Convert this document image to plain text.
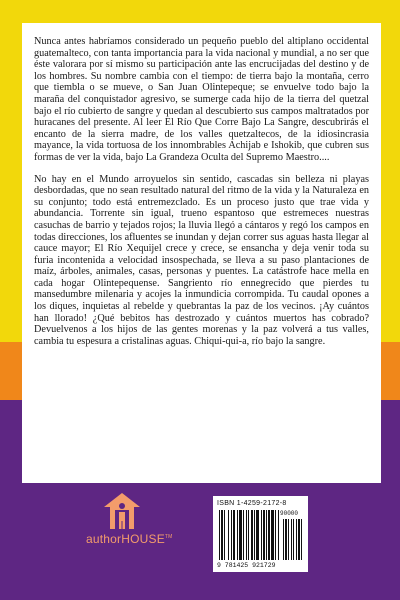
Nunca antes habríamos considerado un pequeño pueblo del altiplano occidental guatemalteco, con tanta importancia para la vida nacional y mundial, a no ser que éste valorara por sí mismo su participación ante las encrucijadas del destino y de los hombres. Su nombre cambia con el tiempo: de tierra bajo la montaña, cerro que tiembla o se mueve, o San Juan Olintepeque; se envuelve todo bajo la maraña del conquistador agresivo, se sumerge cada hijo de la tierra del quetzal bajo el río cubierto de sangre y quedan al descubierto sus campos maltratados por huracanes del presente. Al leer El Río Que Corre Bajo La Sangre, descubrirás el encanto de la sierra madre, de los valles quetzaltecos, de la idiosincrasia mayance, la vida tortuosa de los innombrables Achijab e Ishokib, que cubren sus formas de ver la vida, bajo La Grandeza Oculta del Supremo Maestro....

No hay en el Mundo arroyuelos sin sentido, cascadas sin belleza ni playas desbordadas, que no sean resultado natural del ritmo de la vida y la Naturaleza en su conjunto; todo está entremezclado. Es un proceso justo que trae vida y abundancia. Torrente sin igual, trueno espantoso que estremeces nuestras casuchas de barrio y tejados rojos; la lluvia llegó a cántaros y regó los campos en todas direcciones, los afluentes se inundan y dejan correr sus aguas hasta llegar al cauce mayor; El Río Xequijel crece y crece, se ensancha y deja venir toda su furia incontenida a velocidad insospechada, se lleva a su paso plantaciones de maíz, árboles, animales, casas, personas y puentes. La catástrofe hace mella en cada hogar Olintepequense. Sangriento río ennegrecido que pierdes tu mansedumbre milenaria y acojes la inmundicia corrompida. Tu caudal opones a los diques, inquietas al rebelde y quebrantas la paz de los vecinos. ¡Ay cuántos han llorado! ¿Qué bebitos has destrozado y cuántos muertos has cobrado? Devuelvenos a los hijos de las gentes morenas y la paz volverá a tus valles, cambia tu espesura a cristalinas aguas. Chiqui-qui-a, río bajo la sangre.

authorHOUSE™
ISBN 1-4259-2172-8
90000
9 781425 921729
